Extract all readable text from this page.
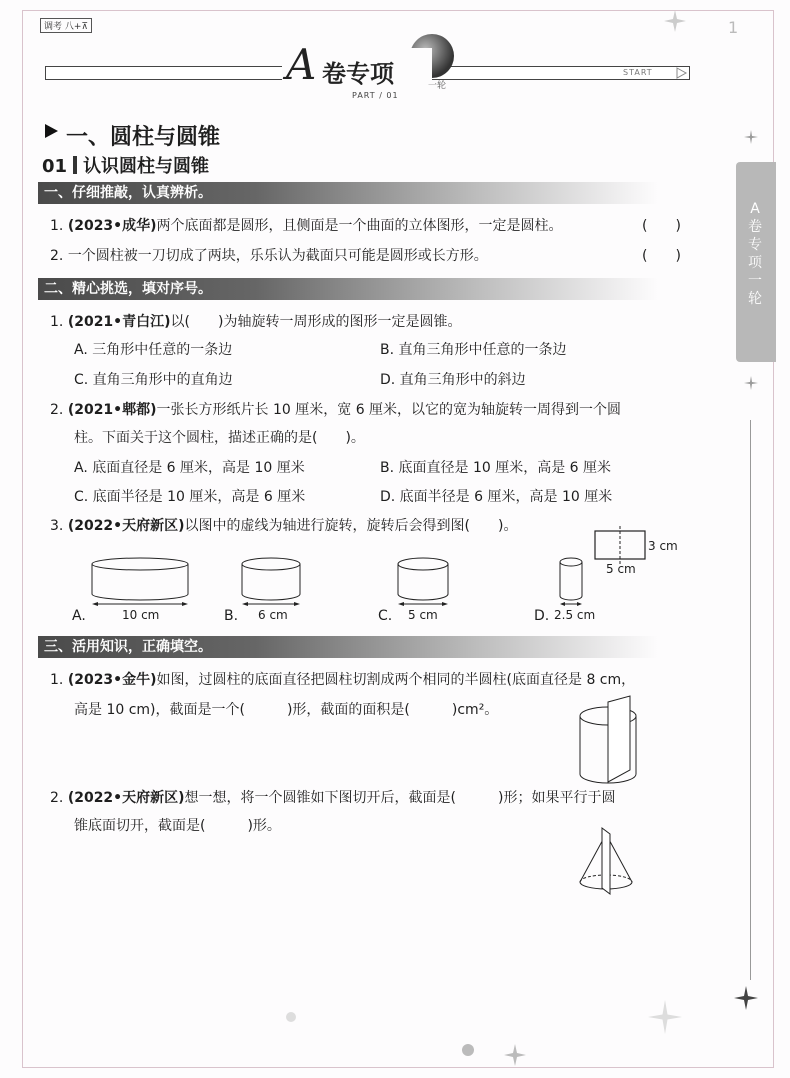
调考 八+⊼	1
A 卷专项	一轮
PART / 01
START
A卷专项 一轮
一、圆柱与圆锥
01 认识圆柱与圆锥
一、仔细推敲，认真辨析。
1. (2023•成华)两个底面都是圆形，且侧面是一个曲面的立体图形，一定是圆柱。	(　　)
2. 一个圆柱被一刀切成了两块，乐乐认为截面只可能是圆形或长方形。	(　　)
二、精心挑选，填对序号。
1. (2021•青白江)以(　　)为轴旋转一周形成的图形一定是圆锥。
A. 三角形中任意的一条边	B. 直角三角形中任意的一条边
C. 直角三角形中的直角边	D. 直角三角形中的斜边
2. (2021•郫都)一张长方形纸片长 10 厘米，宽 6 厘米，以它的宽为轴旋转一周得到一个圆
柱。下面关于这个圆柱，描述正确的是(　　)。
A. 底面直径是 6 厘米，高是 10 厘米	B. 底面直径是 10 厘米，高是 6 厘米
C. 底面半径是 10 厘米，高是 6 厘米	D. 底面半径是 6 厘米，高是 10 厘米
3. (2022•天府新区)以图中的虚线为轴进行旋转，旋转后会得到图(　　)。
3 cm
5 cm
A.	10 cm	B. 6 cm	C. 5 cm	D. 2.5 cm
三、活用知识，正确填空。
1. (2023•金牛)如图，过圆柱的底面直径把圆柱切割成两个相同的半圆柱(底面直径是 8 cm，
高是 10 cm)，截面是一个(　　　)形，截面的面积是(　　　)cm²。
2. (2022•天府新区)想一想，将一个圆锥如下图切开后，截面是(　　　)形；如果平行于圆
锥底面切开，截面是(　　　)形。
